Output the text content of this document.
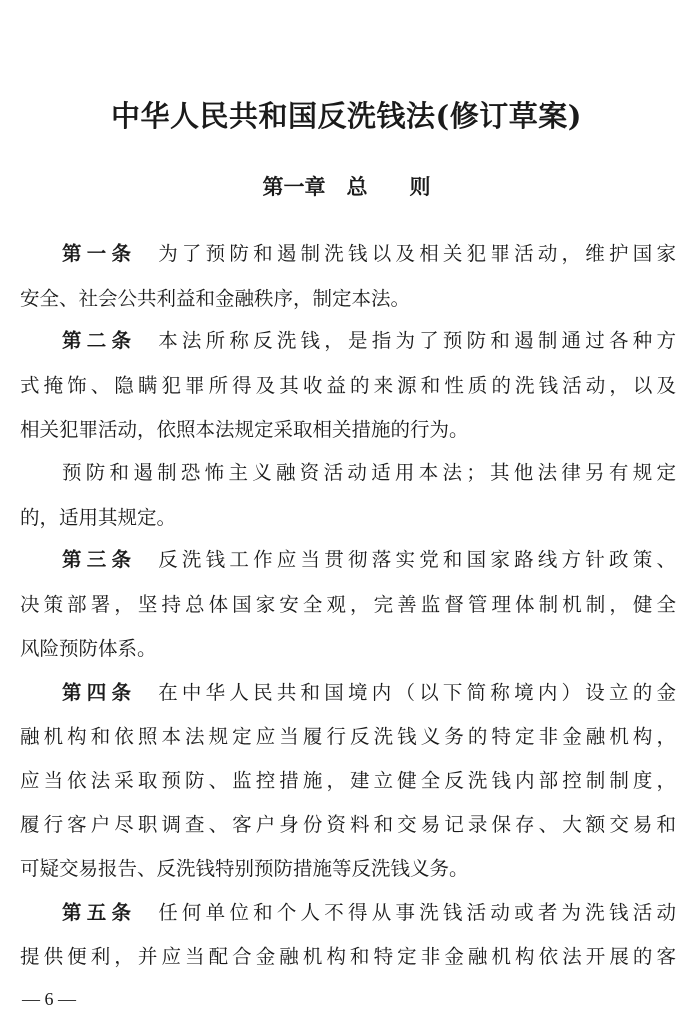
中华人民共和国反洗钱法(修订草案)
第一章　总　　则
第一条 为了预防和遏制洗钱以及相关犯罪活动，维护国家
安全、社会公共利益和金融秩序，制定本法。
第二条 本法所称反洗钱，是指为了预防和遏制通过各种方
式掩饰、隐瞒犯罪所得及其收益的来源和性质的洗钱活动，以及
相关犯罪活动，依照本法规定采取相关措施的行为。
预防和遏制恐怖主义融资活动适用本法；其他法律另有规定
的，适用其规定。
第三条 反洗钱工作应当贯彻落实党和国家路线方针政策、
决策部署，坚持总体国家安全观，完善监督管理体制机制，健全
风险预防体系。
第四条 在中华人民共和国境内（以下简称境内）设立的金
融机构和依照本法规定应当履行反洗钱义务的特定非金融机构，
应当依法采取预防、监控措施，建立健全反洗钱内部控制制度，
履行客户尽职调查、客户身份资料和交易记录保存、大额交易和
可疑交易报告、反洗钱特别预防措施等反洗钱义务。
第五条 任何单位和个人不得从事洗钱活动或者为洗钱活动
提供便利，并应当配合金融机构和特定非金融机构依法开展的客
— 6 —
